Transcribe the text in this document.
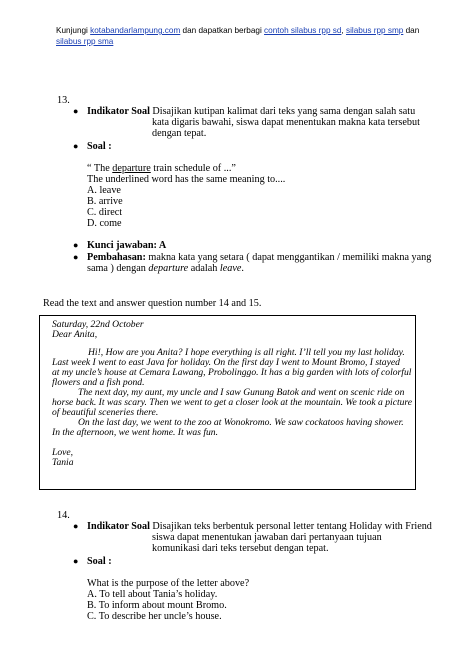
Kunjungi kotabandarlampung.com dan dapatkan berbagi contoh silabus rpp sd, silabus rpp smp dan
silabus rpp sma
13.
● Indikator Soal
: Disajikan kutipan kalimat dari teks yang sama dengan salah satu
kata digaris bawahi, siswa dapat menentukan makna kata tersebut
dengan tepat.
● Soal :
“ The departure train schedule of ...”
The underlined word has the same meaning to....
A. leave
B. arrive
C. direct
D. come
● Kunci jawaban: A
● Pembahasan: makna kata yang setara ( dapat menggantikan / memiliki makna yang
sama ) dengan departure adalah leave.
Read the text and answer question number 14 and 15.
Saturday, 22nd October
Dear Anita,
Hi!, How are you Anita? I hope everything is all right. I’ll tell you my last holiday.
Last week I went to east Java for holiday. On the first day I went to Mount Bromo, I stayed
at my uncle’s house at Cemara Lawang, Probolinggo. It has a big garden with lots of colorful
flowers and a fish pond.
The next day, my aunt, my uncle and I saw Gunung Batok and went on scenic ride on
horse back. It was scary. Then we went to get a closer look at the mountain. We took a picture
of beautiful sceneries there.
On the last day, we went to the zoo at Wonokromo. We saw cockatoos having shower.
In the afternoon, we went home. It was fun.
Love,
Tania
14.
● Indikator Soal
: Disajikan teks berbentuk personal letter tentang Holiday with Friend
siswa dapat menentukan jawaban dari pertanyaan tujuan
komunikasi dari teks tersebut dengan tepat.
● Soal :
What is the purpose of the letter above?
A. To tell about Tania’s holiday.
B. To inform about mount Bromo.
C. To describe her uncle’s house.
